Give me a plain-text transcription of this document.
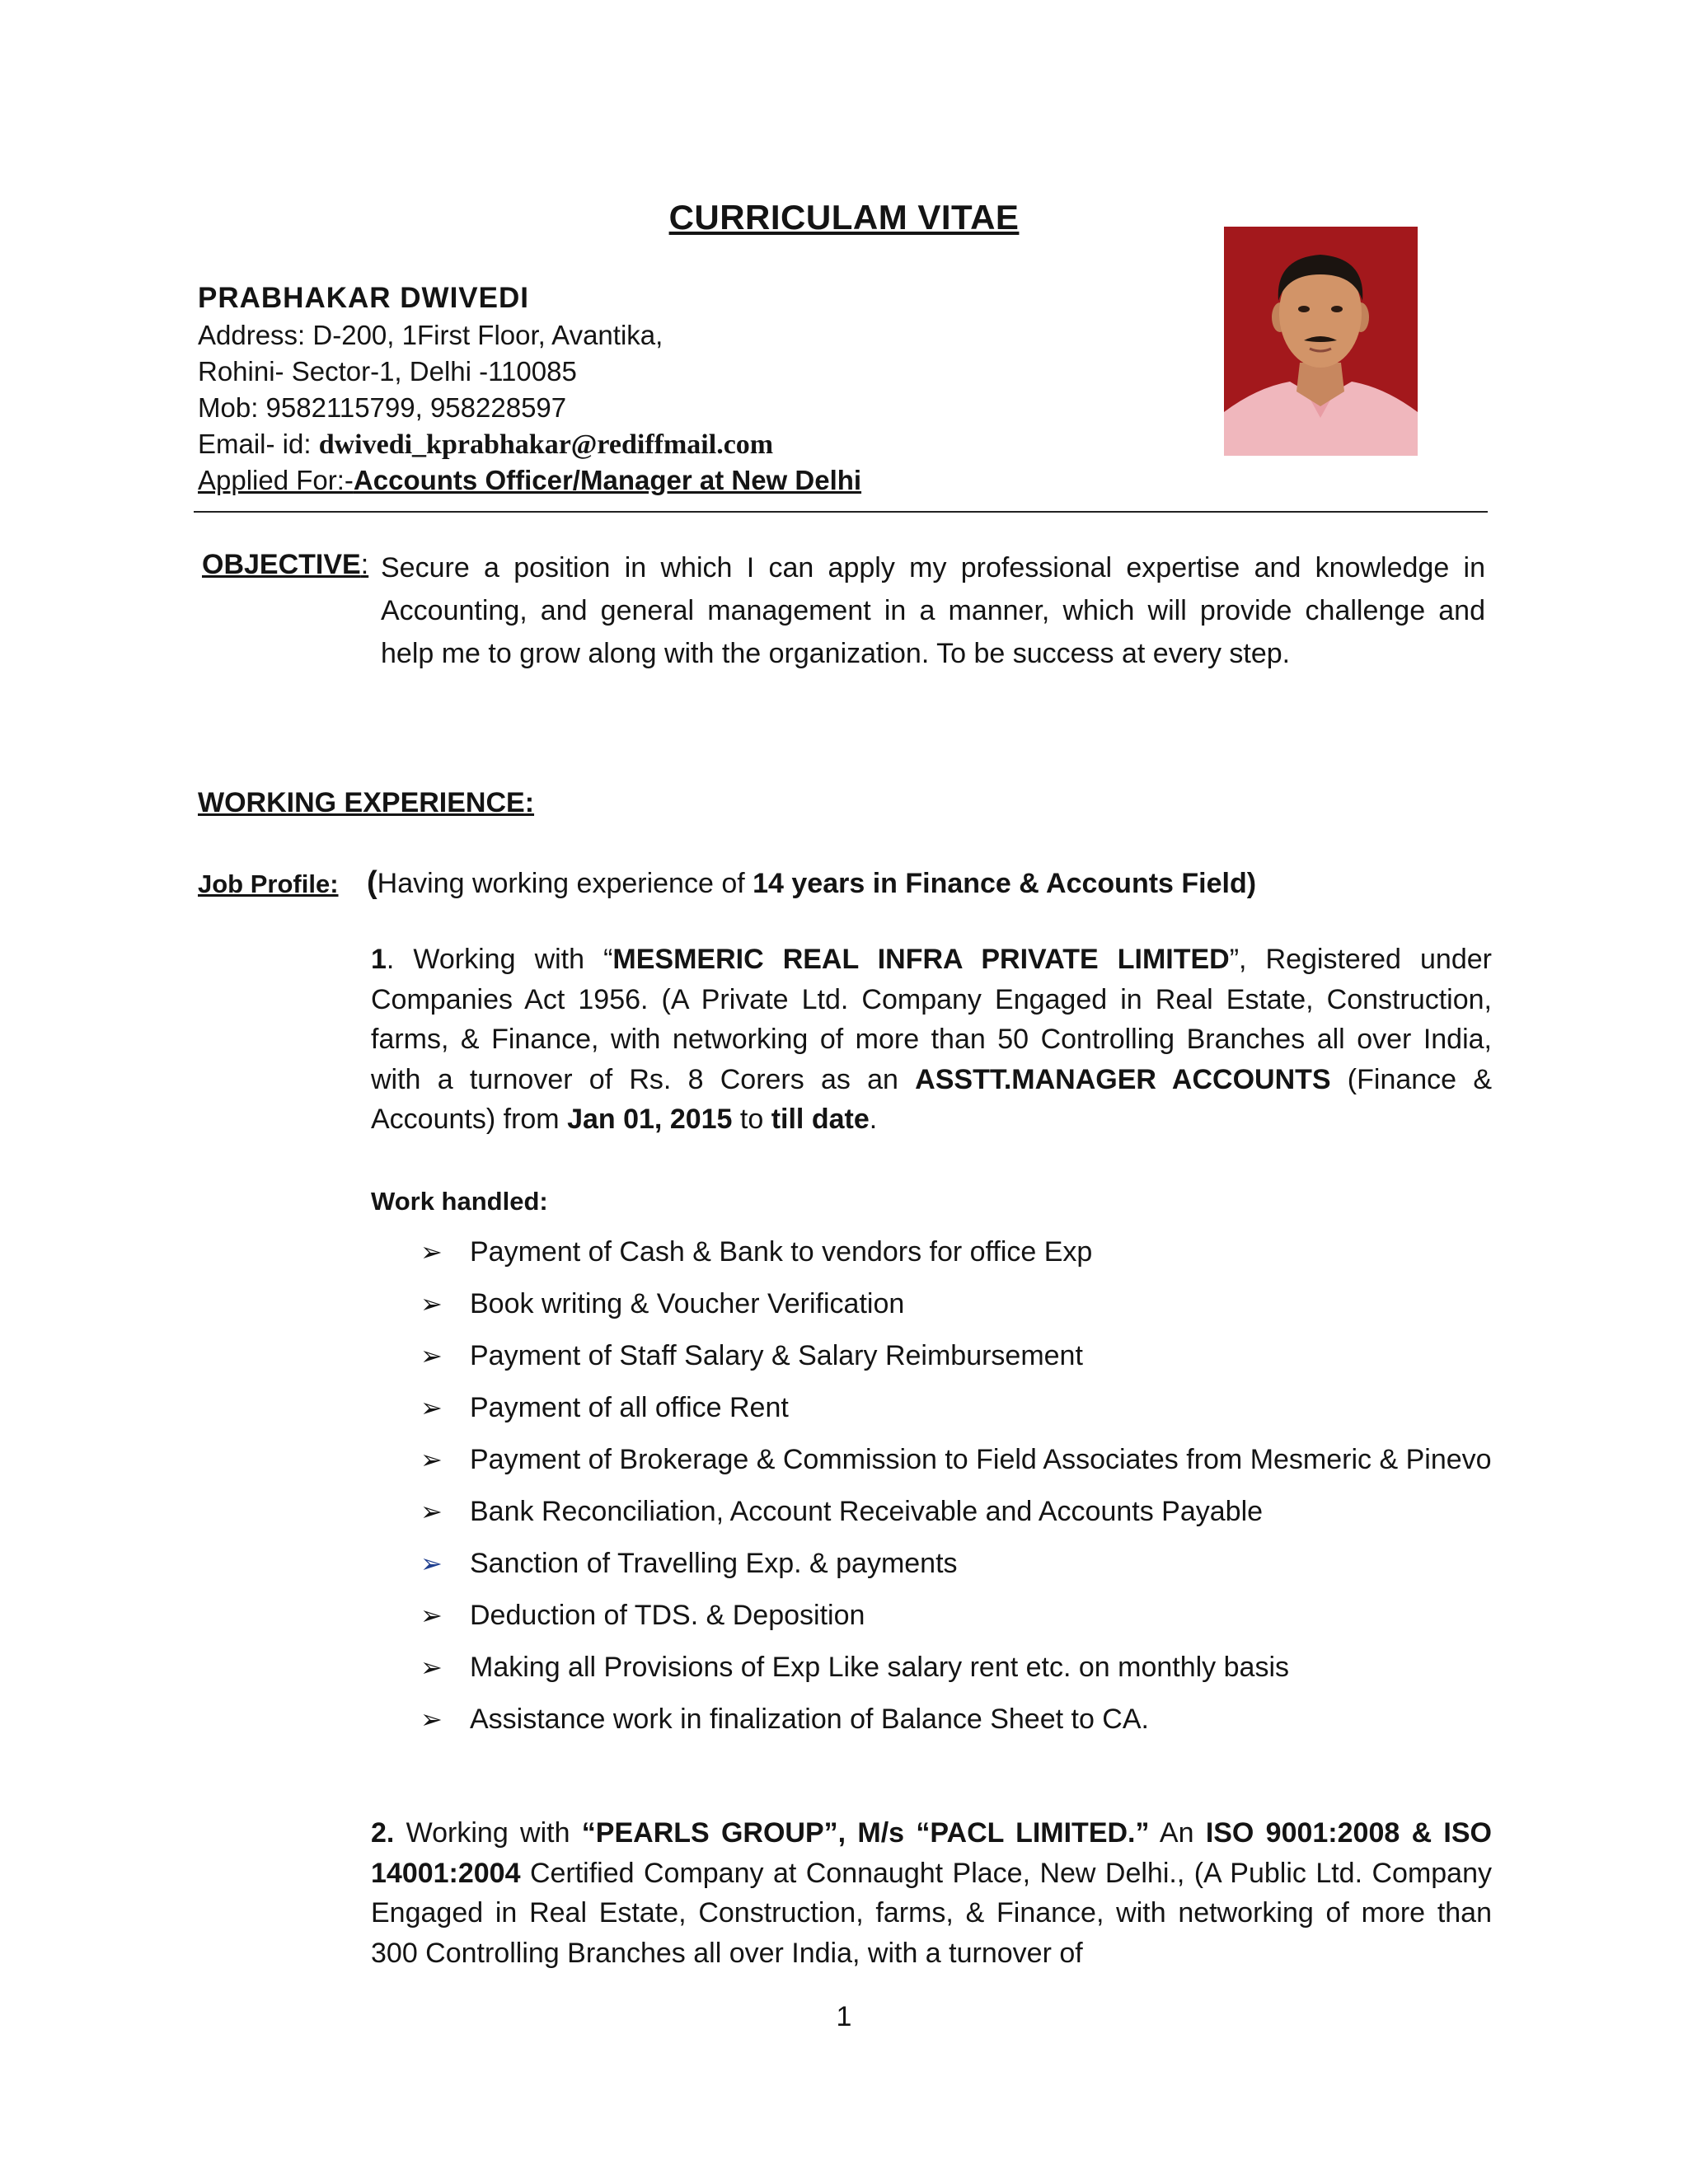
CURRICULAM VITAE
PRABHAKAR DWIVEDI
Address: D-200, 1First Floor, Avantika,
Rohini- Sector-1, Delhi -110085
Mob: 9582115799, 958228597
Email- id: dwivedi_kprabhakar@rediffmail.com
Applied For:-Accounts Officer/Manager at New Delhi
OBJECTIVE: Secure a position in which I can apply my professional expertise and knowledge in Accounting, and general management in a manner, which will provide challenge and help me to grow along with the organization. To be success at every step.
WORKING EXPERIENCE:
Job Profile: (Having working experience of 14 years in Finance & Accounts Field)
1. Working with “MESMERIC REAL INFRA PRIVATE LIMITED”, Registered under Companies Act 1956. (A Private Ltd. Company Engaged in Real Estate, Construction, farms, & Finance, with networking of more than 50 Controlling Branches all over India, with a turnover of Rs. 8 Corers as an ASSTT.MANAGER ACCOUNTS (Finance & Accounts) from Jan 01, 2015 to till date.
Work handled:
➢ Payment of Cash & Bank to vendors for office Exp
➢ Book writing & Voucher Verification
➢ Payment of Staff Salary & Salary Reimbursement
➢ Payment of all office Rent
➢ Payment of Brokerage & Commission to Field Associates from Mesmeric & Pinevo
➢ Bank Reconciliation, Account Receivable and Accounts Payable
➢ Sanction of Travelling Exp. & payments
➢ Deduction of TDS. & Deposition
➢ Making all Provisions of Exp Like salary rent etc. on monthly basis
➢ Assistance work in finalization of Balance Sheet to CA.
2. Working with “PEARLS GROUP”, M/s “PACL LIMITED.” An ISO 9001:2008 & ISO 14001:2004 Certified Company at Connaught Place, New Delhi., (A Public Ltd. Company Engaged in Real Estate, Construction, farms, & Finance, with networking of more than 300 Controlling Branches all over India, with a turnover of
1
